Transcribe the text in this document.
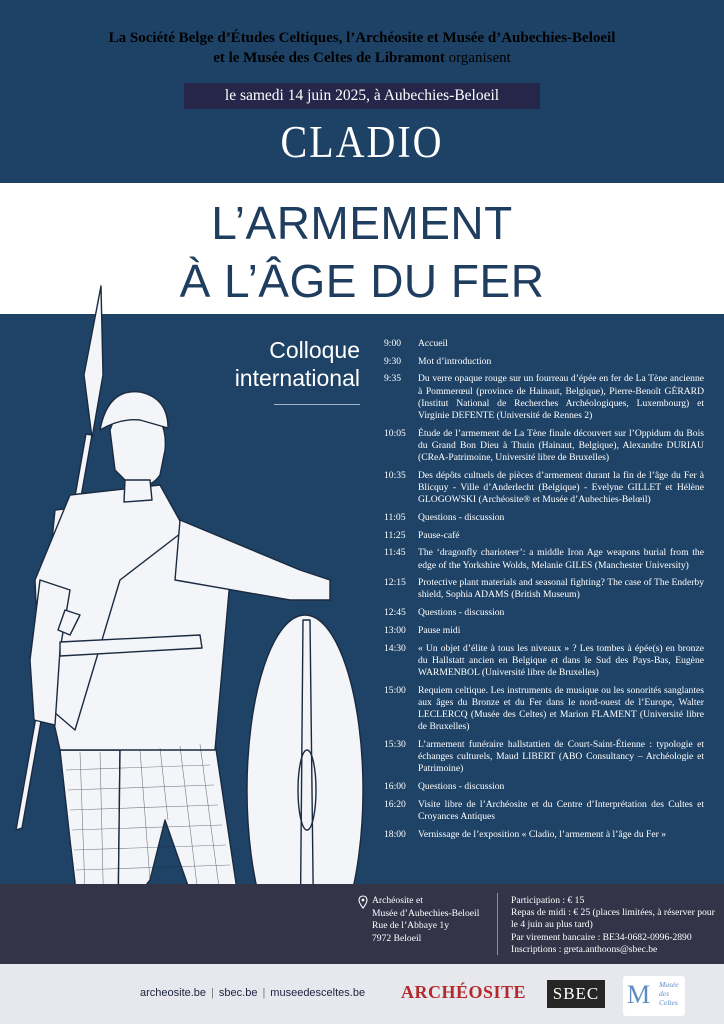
La Société Belge d’Études Celtiques, l’Archéosite et Musée d’Aubechies-Beloeil
et le Musée des Celtes de Libramont organisent
le samedi 14 juin 2025, à Aubechies-Beloeil
CLADIO
L’ARMEMENT
À L’ÂGE DU FER
Colloque
international
9:00	Accueil
9:30	Mot d’introduction
9:35	Du verre opaque rouge sur un fourreau d’épée en fer de La Tène ancienne à Pommerœul (province de Hainaut, Belgique), Pierre-Benoît GÉRARD (Institut National de Recherches Archéologiques, Luxembourg) et Virginie DEFENTE (Université de Rennes 2)
10:05	Étude de l’armement de La Tène finale découvert sur l’Oppidum du Bois du Grand Bon Dieu à Thuin (Hainaut, Belgique), Alexandre DURIAU (CReA-Patrimoine, Université libre de Bruxelles)
10:35	Des dépôts cultuels de pièces d’armement durant la fin de l’âge du Fer à Blicquy - Ville d’Anderlecht (Belgique) - Evelyne GILLET et Hélène GLOGOWSKI (Archéosite® et Musée d’Aubechies-Belœil)
11:05	Questions - discussion
11:25	Pause-café
11:45	The ‘dragonfly charioteer’: a middle Iron Age weapons burial from the edge of the Yorkshire Wolds, Melanie GILES (Manchester University)
12:15	Protective plant materials and seasonal fighting? The case of The Enderby shield, Sophia ADAMS (British Museum)
12:45	Questions - discussion
13:00	Pause midi
14:30	« Un objet d’élite à tous les niveaux » ? Les tombes à épée(s) en bronze du Hallstatt ancien en Belgique et dans le Sud des Pays-Bas, Eugène WARMENBOL (Université libre de Bruxelles)
15:00	Requiem celtique. Les instruments de musique ou les sonorités sanglantes aux âges du Bronze et du Fer dans le nord-ouest de l’Europe, Walter LECLERCQ (Musée des Celtes) et Marion FLAMENT (Université libre de Bruxelles)
15:30	L’armement funéraire hallstattien de Court-Saint-Étienne : typologie et échanges culturels, Maud LIBERT (ABO Consultancy – Archéologie et Patrimoine)
16:00	Questions - discussion
16:20	Visite libre de l’Archéosite et du Centre d’Interprétation des Cultes et Croyances Antiques
18:00	Vernissage de l’exposition « Cladio, l’armement à l’âge du Fer »
Archéosite et
Musée d’Aubechies-Beloeil
Rue de l’Abbaye 1y
7972 Beloeil
Participation : € 15
Repas de midi : € 25 (places limitées, à réserver pour le 4 juin au plus tard)
Par virement bancaire : BE34-0682-0996-2890
Inscriptions : greta.anthoons@sbec.be
archeosite.be | sbec.be | museedesceltes.be ARCHÉOSITE	SBEC M Musée des Celtes
